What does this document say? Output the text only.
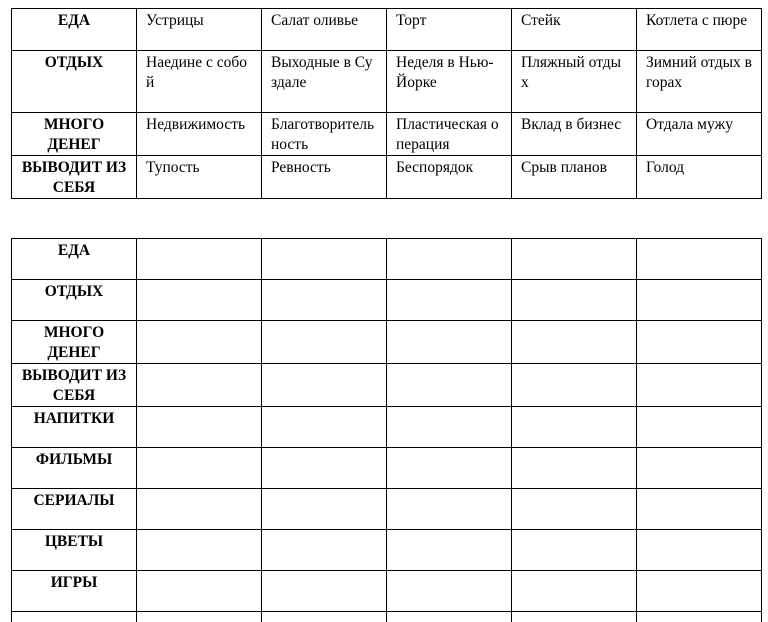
ЕДА	Устрицы	Салат оливье	Торт	Стейк	Котлета с пюре
ОТДЫХ	Наедине с собой	Выходные в Суздале	Неделя в Нью-Йорке	Пляжный отдых	Зимний отдых в горах
МНОГО ДЕНЕГ	Недвижимость	Благотворительность	Пластическая операция	Вклад в бизнес	Отдала мужу
ВЫВОДИТ ИЗ СЕБЯ	Тупость	Ревность	Беспорядок	Срыв планов	Голод
ЕДА					
ОТДЫХ					
МНОГО ДЕНЕГ					
ВЫВОДИТ ИЗ СЕБЯ					
НАПИТКИ					
ФИЛЬМЫ					
СЕРИАЛЫ					
ЦВЕТЫ					
ИГРЫ					
